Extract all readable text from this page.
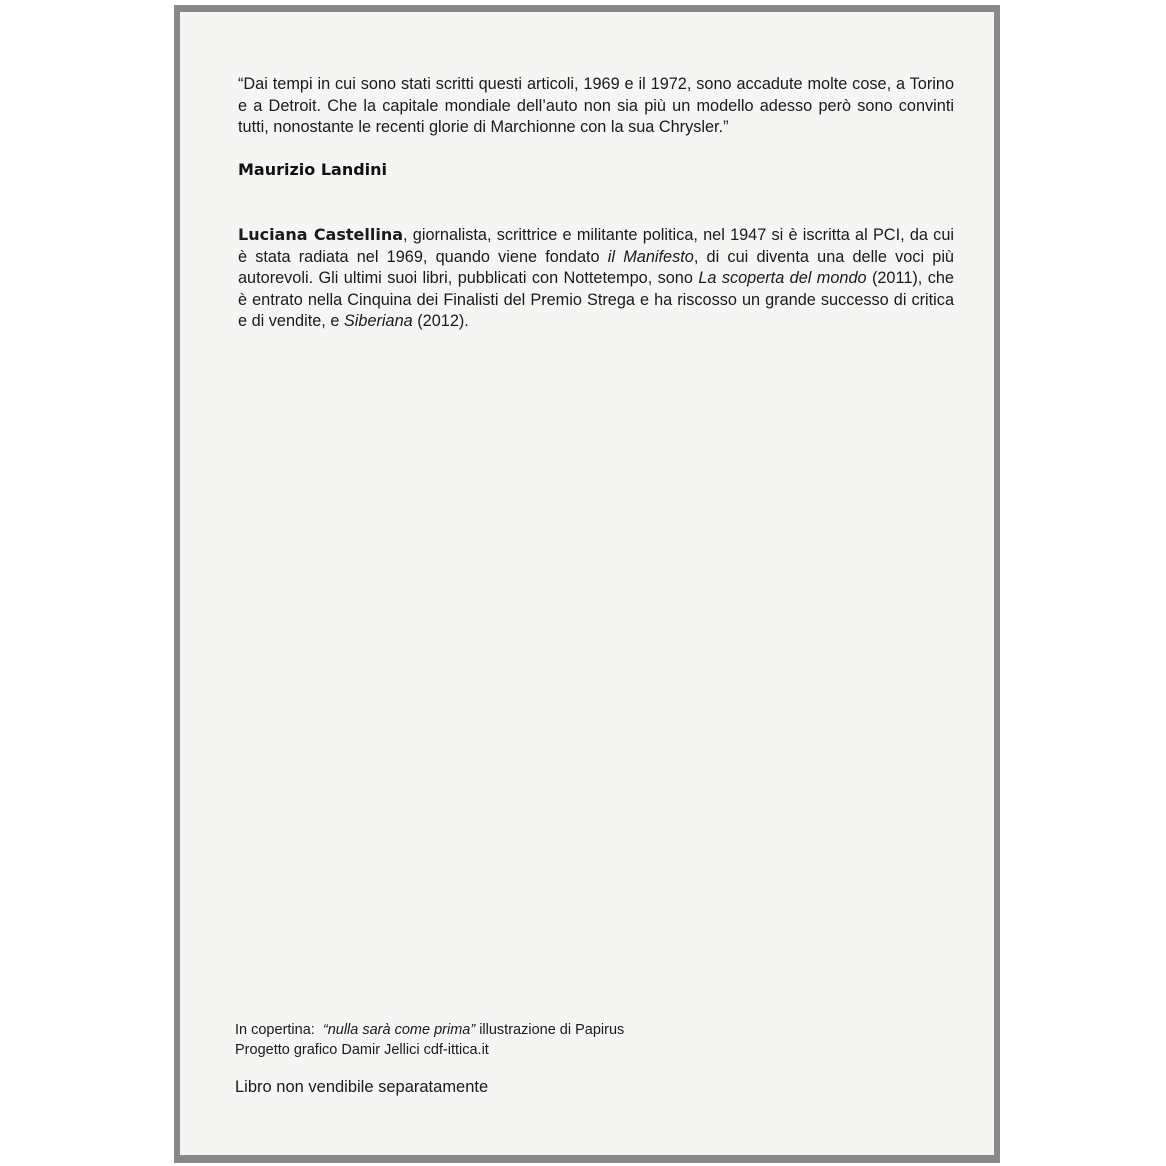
“Dai tempi in cui sono stati scritti questi articoli, 1969 e il 1972, sono accadute molte cose, a Torino e a Detroit. Che la capitale mondiale dell’auto non sia più un modello adesso però sono convinti tutti, nonostante le recenti glorie di Marchionne con la sua Chrysler.”

Maurizio Landini

Luciana Castellina, giornalista, scrittrice e militante politica, nel 1947 si è iscritta al PCI, da cui è stata radiata nel 1969, quando viene fondato il Manifesto, di cui diventa una delle voci più autorevoli. Gli ultimi suoi libri, pubblicati con Nottetempo, sono La scoperta del mondo (2011), che è entrato nella Cinquina dei Finalisti del Premio Strega e ha riscosso un grande successo di critica e di vendite, e Siberiana (2012).

In copertina:  “nulla sarà come prima” illustrazione di Papirus
Progetto grafico Damir Jellici cdf-ittica.it
Libro non vendibile separatamente
